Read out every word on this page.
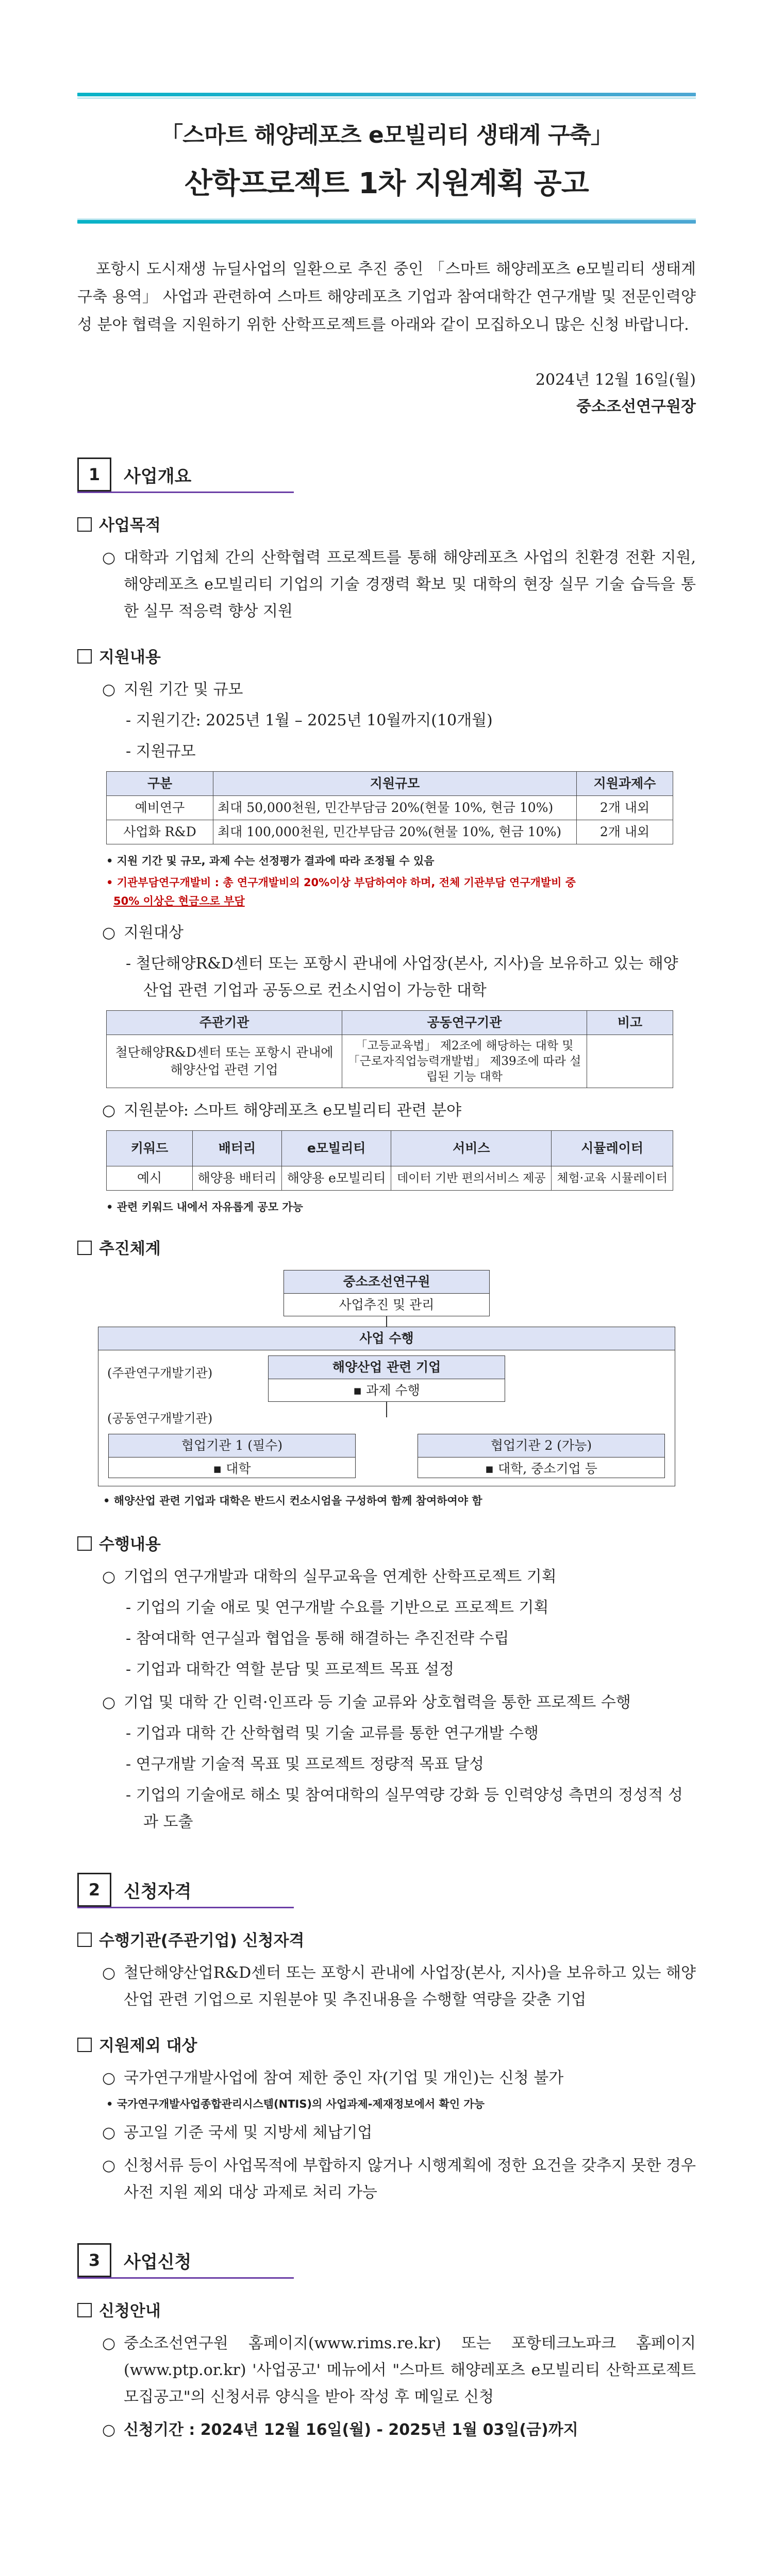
「스마트 해양레포츠 e모빌리티 생태계 구축」
산학프로젝트 1차 지원계획 공고
포항시 도시재생 뉴딜사업의 일환으로 추진 중인 「스마트 해양레포츠 e모빌리티 생태계 구축 용역」 사업과 관련하여 스마트 해양레포츠 기업과 참여대학간 연구개발 및 전문인력양성 분야 협력을 지원하기 위한 산학프로젝트를 아래와 같이 모집하오니 많은 신청 바랍니다.
2024년 12월 16일(월)
중소조선연구원장
1	사업개요
사업목적
○ 대학과 기업체 간의 산학협력 프로젝트를 통해 해양레포츠 사업의 친환경 전환 지원, 해양레포츠 e모빌리티 기업의 기술 경쟁력 확보 및 대학의 현장 실무 기술 습득을 통한 실무 적응력 향상 지원
지원내용
○ 지원 기간 및 규모
- 지원기간: 2025년 1월 – 2025년 10월까지(10개월)
- 지원규모
구분	지원규모	지원과제수
예비연구	최대 50,000천원, 민간부담금 20%(현물 10%, 현금 10%)	2개 내외
사업화 R&D	최대 100,000천원, 민간부담금 20%(현물 10%, 현금 10%)	2개 내외
• 지원 기간 및 규모, 과제 수는 선정평가 결과에 따라 조정될 수 있음
• 기관부담연구개발비 : 총 연구개발비의 20%이상 부담하여야 하며, 전체 기관부담 연구개발비 중
50% 이상은 현금으로 부담
○ 지원대상
- 철단해양R&D센터 또는 포항시 관내에 사업장(본사, 지사)을 보유하고 있는 해양 산업 관련 기업과 공동으로 컨소시엄이 가능한 대학
주관기관	공동연구기관	비고
철단해양R&D센터 또는 포항시 관내에 해양산업 관련 기업	「고등교육법」 제2조에 해당하는 대학 및 「근로자직업능력개발법」 제39조에 따라 설립된 기능 대학	
○ 지원분야: 스마트 해양레포츠 e모빌리티 관련 분야
키워드	배터리	e모빌리티	서비스	시뮬레이터
예시	해양용 배터리	해양용 e모빌리티	데이터 기반 편의서비스 제공	체험·교육 시뮬레이터
• 관련 키워드 내에서 자유롭게 공모 가능
추진체계
중소조선연구원
사업추진 및 관리
사업 수행
(주관연구개발기관)	해양산업 관련 기업
▪ 과제 수행
(공동연구개발기관)
협업기관 1 (필수)
▪ 대학
협업기관 2 (가능)
▪ 대학, 중소기업 등
• 해양산업 관련 기업과 대학은 반드시 컨소시엄을 구성하여 함께 참여하여야 함
수행내용
○ 기업의 연구개발과 대학의 실무교육을 연계한 산학프로젝트 기획
- 기업의 기술 애로 및 연구개발 수요를 기반으로 프로젝트 기획
- 참여대학 연구실과 협업을 통해 해결하는 추진전략 수립
- 기업과 대학간 역할 분담 및 프로젝트 목표 설정
○ 기업 및 대학 간 인력·인프라 등 기술 교류와 상호협력을 통한 프로젝트 수행
- 기업과 대학 간 산학협력 및 기술 교류를 통한 연구개발 수행
- 연구개발 기술적 목표 및 프로젝트 정량적 목표 달성
- 기업의 기술애로 해소 및 참여대학의 실무역량 강화 등 인력양성 측면의 정성적 성과 도출
2	신청자격
수행기관(주관기업) 신청자격
○ 철단해양산업R&D센터 또는 포항시 관내에 사업장(본사, 지사)을 보유하고 있는 해양산업 관련 기업으로 지원분야 및 추진내용을 수행할 역량을 갖춘 기업
지원제외 대상
○ 국가연구개발사업에 참여 제한 중인 자(기업 및 개인)는 신청 불가
• 국가연구개발사업종합관리시스템(NTIS)의 사업과제-제재정보에서 확인 가능
○ 공고일 기준 국세 및 지방세 체납기업
○ 신청서류 등이 사업목적에 부합하지 않거나 시행계획에 정한 요건을 갖추지 못한 경우 사전 지원 제외 대상 과제로 처리 가능
3	사업신청
신청안내
○ 중소조선연구원 홈페이지(www.rims.re.kr) 또는 포항테크노파크 홈페이지(www.ptp.or.kr) '사업공고' 메뉴에서 "스마트 해양레포츠 e모빌리티 산학프로젝트 모집공고"의 신청서류 양식을 받아 작성 후 메일로 신청
○ 신청기간 : 2024년 12월 16일(월) - 2025년 1월 03일(금)까지
